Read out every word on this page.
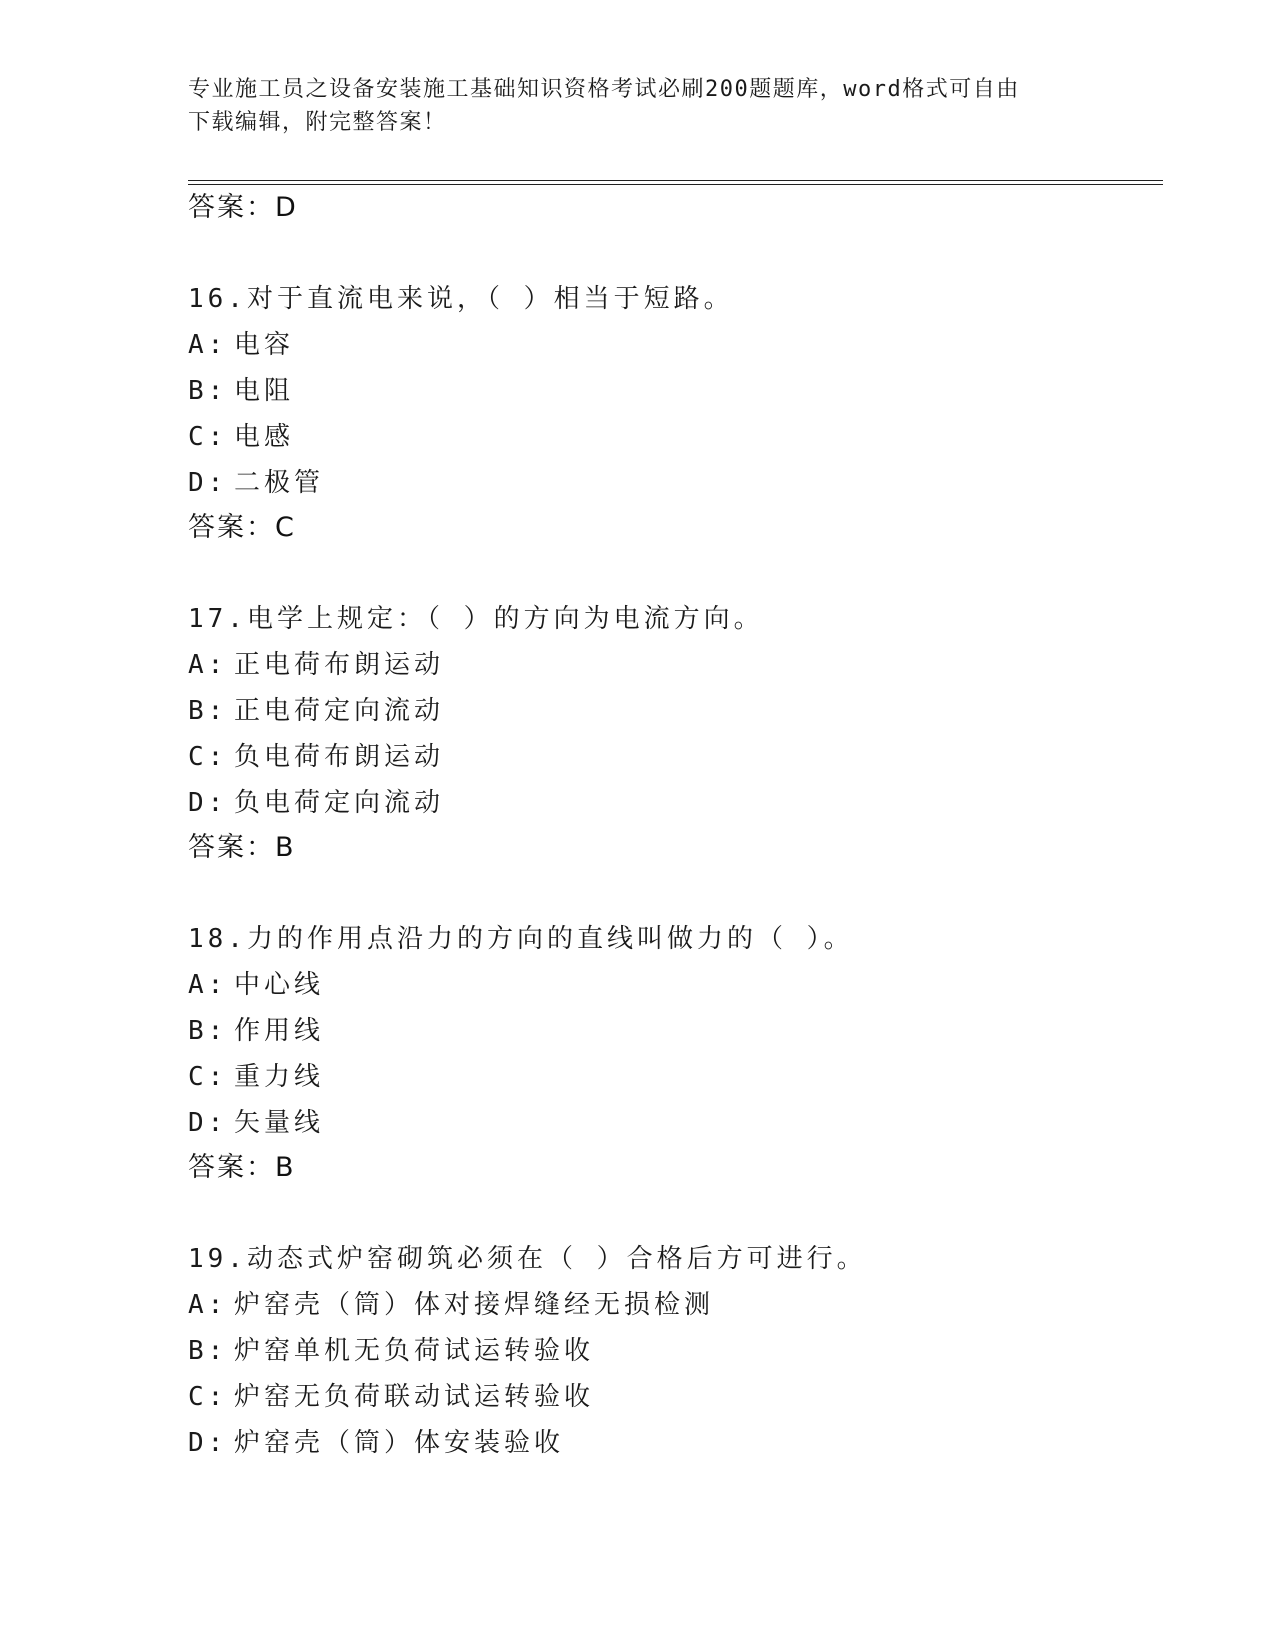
专业施工员之设备安装施工基础知识资格考试必刷200题题库，word格式可自由
下载编辑，附完整答案！
答案：D
16.对于直流电来说，（ ）相当于短路。
A: 电容
B: 电阻
C: 电感
D: 二极管
答案：C
17.电学上规定：（ ）的方向为电流方向。
A: 正电荷布朗运动
B: 正电荷定向流动
C: 负电荷布朗运动
D: 负电荷定向流动
答案：B
18.力的作用点沿力的方向的直线叫做力的（ ）。
A: 中心线
B: 作用线
C: 重力线
D: 矢量线
答案：B
19.动态式炉窑砌筑必须在（ ）合格后方可进行。
A: 炉窑壳（筒）体对接焊缝经无损检测
B: 炉窑单机无负荷试运转验收
C: 炉窑无负荷联动试运转验收
D: 炉窑壳（筒）体安装验收
